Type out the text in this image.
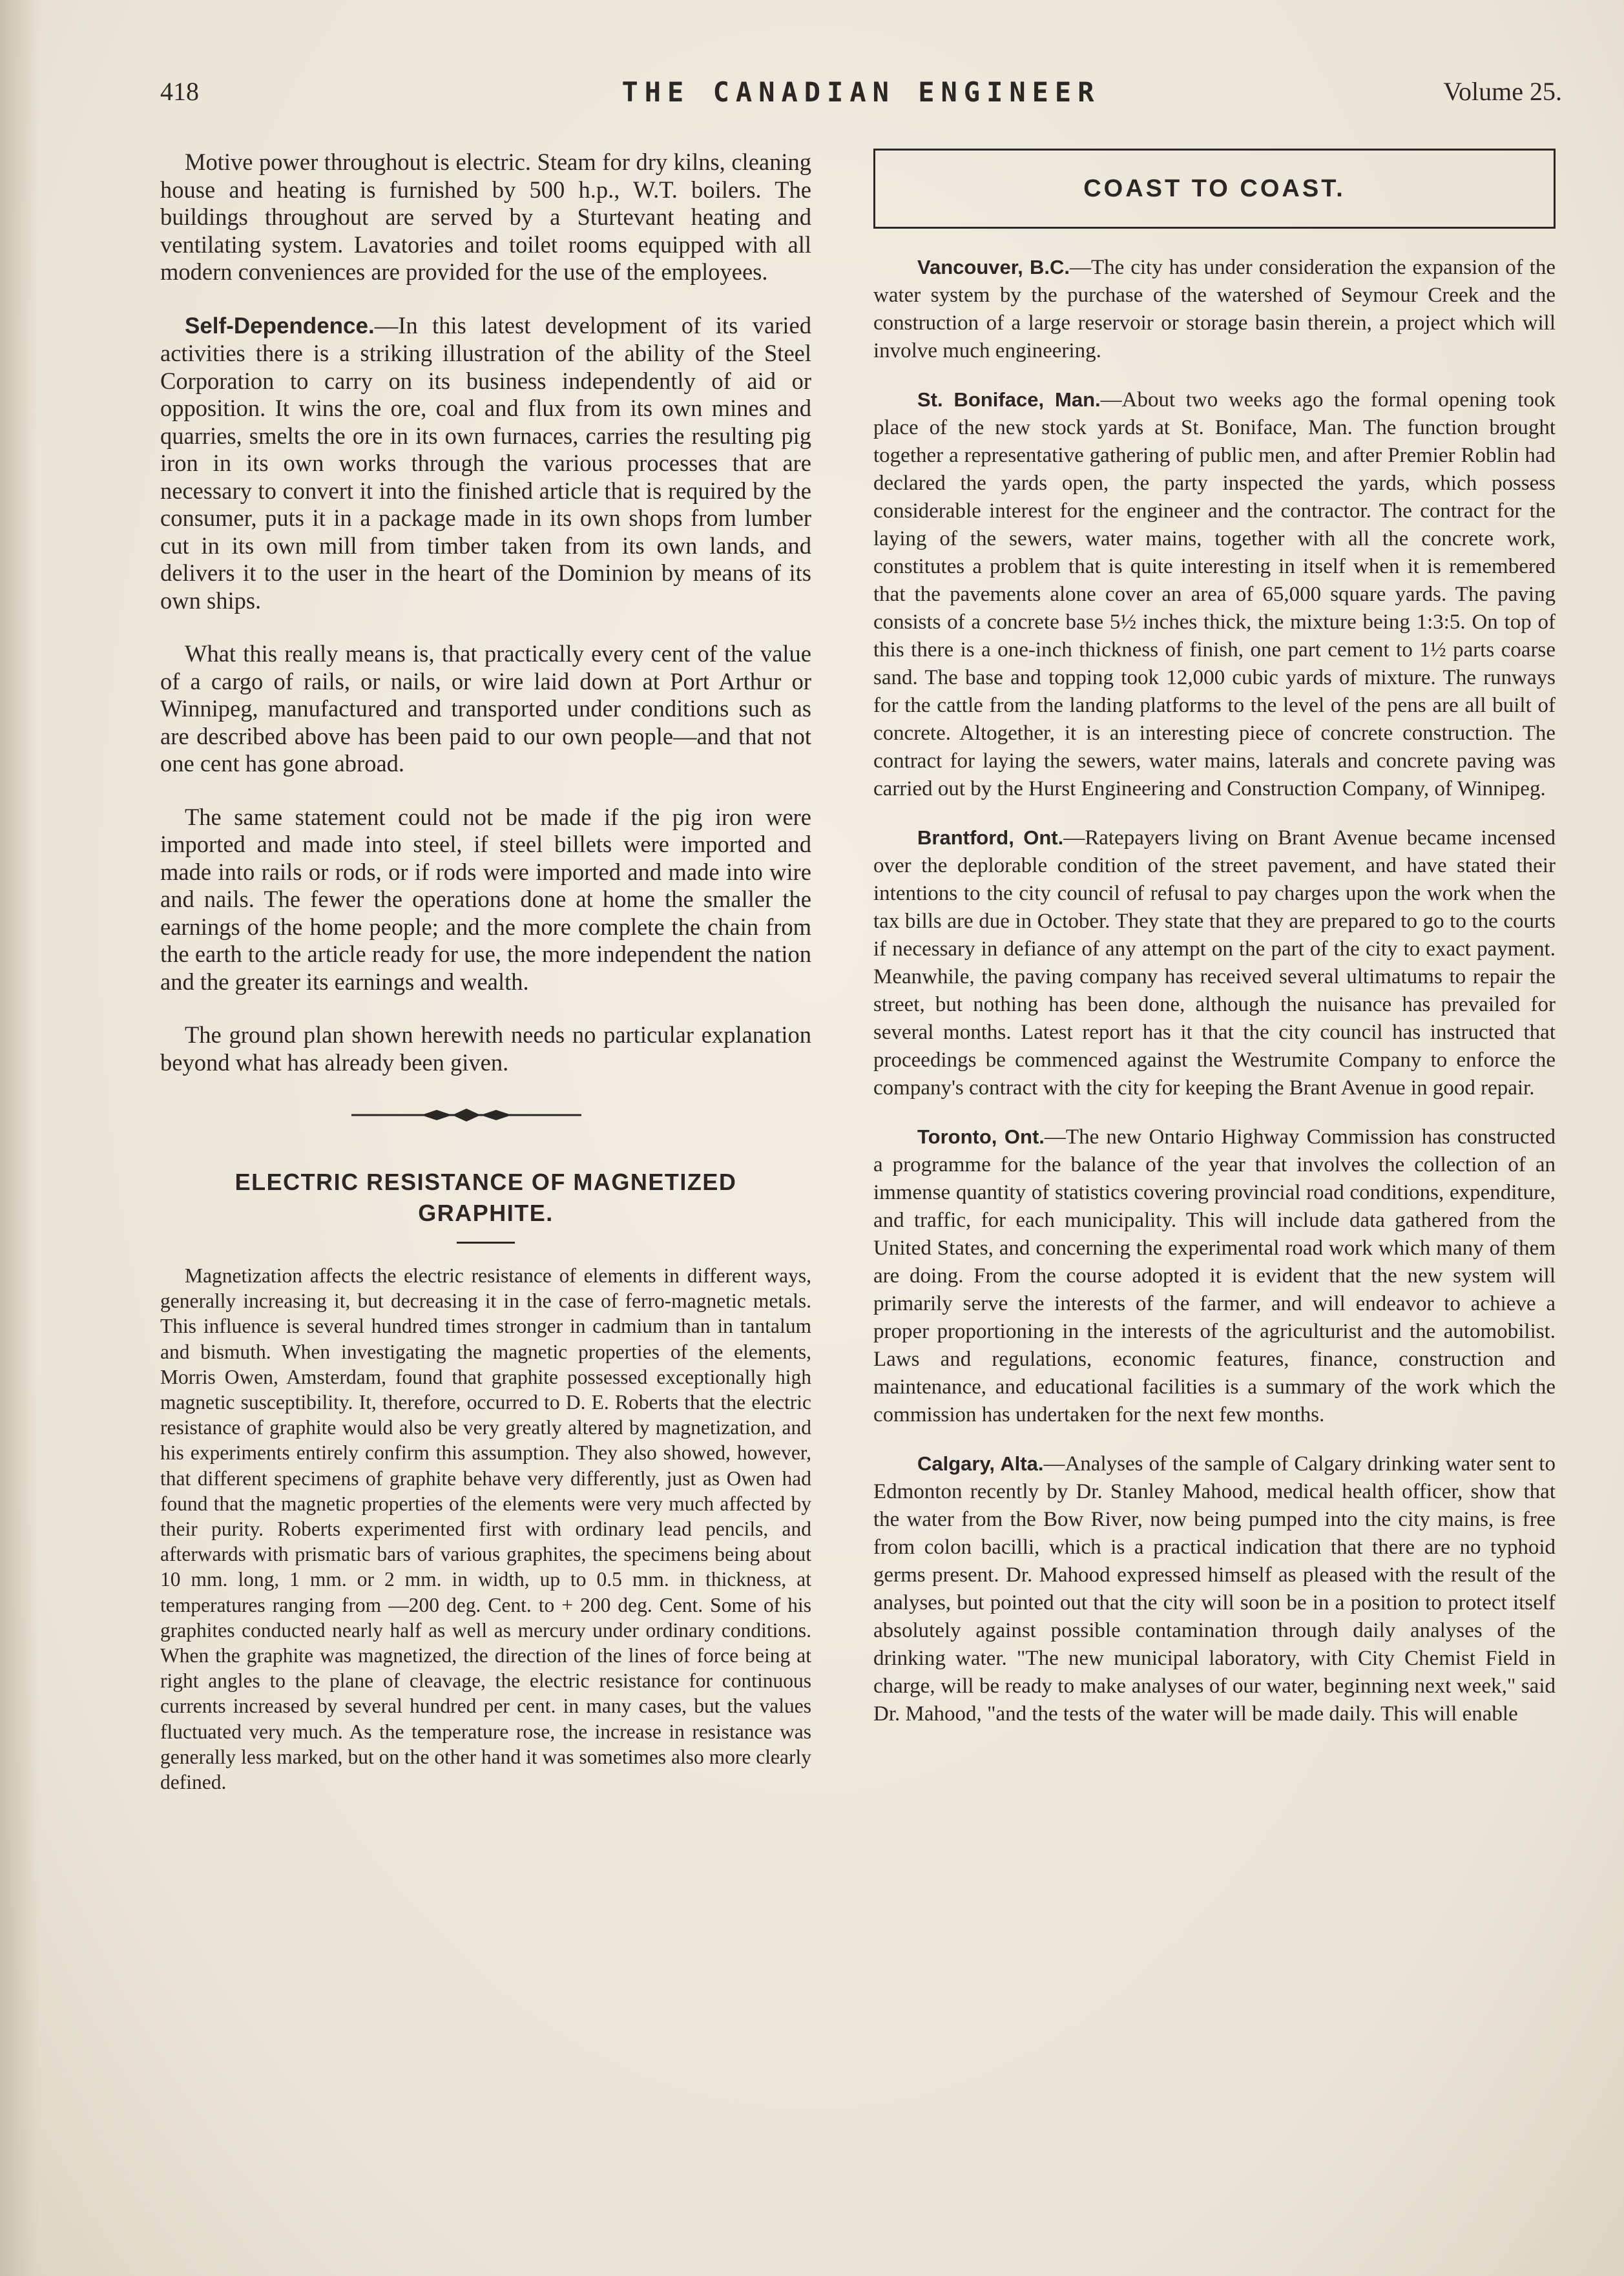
418	THE CANADIAN ENGINEER	Volume 25.

Motive power throughout is electric. Steam for dry kilns, cleaning house and heating is furnished by 500 h.p., W.T. boilers. The buildings throughout are served by a Sturtevant heating and ventilating system. Lavatories and toilet rooms equipped with all modern conveniences are provided for the use of the employees.

Self-Dependence.—In this latest development of its varied activities there is a striking illustration of the ability of the Steel Corporation to carry on its business independently of aid or opposition. It wins the ore, coal and flux from its own mines and quarries, smelts the ore in its own furnaces, carries the resulting pig iron in its own works through the various processes that are necessary to convert it into the finished article that is required by the consumer, puts it in a package made in its own shops from lumber cut in its own mill from timber taken from its own lands, and delivers it to the user in the heart of the Dominion by means of its own ships.

What this really means is, that practically every cent of the value of a cargo of rails, or nails, or wire laid down at Port Arthur or Winnipeg, manufactured and transported under conditions such as are described above has been paid to our own people—and that not one cent has gone abroad.

The same statement could not be made if the pig iron were imported and made into steel, if steel billets were imported and made into rails or rods, or if rods were imported and made into wire and nails. The fewer the operations done at home the smaller the earnings of the home people; and the more complete the chain from the earth to the article ready for use, the more independent the nation and the greater its earnings and wealth.

The ground plan shown herewith needs no particular explanation beyond what has already been given.

ELECTRIC RESISTANCE OF MAGNETIZED
GRAPHITE.

Magnetization affects the electric resistance of elements in different ways, generally increasing it, but decreasing it in the case of ferro-magnetic metals. This influence is several hundred times stronger in cadmium than in tantalum and bismuth. When investigating the magnetic properties of the elements, Morris Owen, Amsterdam, found that graphite possessed exceptionally high magnetic susceptibility. It, therefore, occurred to D. E. Roberts that the electric resistance of graphite would also be very greatly altered by magnetization, and his experiments entirely confirm this assumption. They also showed, however, that different specimens of graphite behave very differently, just as Owen had found that the magnetic properties of the elements were very much affected by their purity. Roberts experimented first with ordinary lead pencils, and afterwards with prismatic bars of various graphites, the specimens being about 10 mm. long, 1 mm. or 2 mm. in width, up to 0.5 mm. in thickness, at temperatures ranging from —200 deg. Cent. to + 200 deg. Cent. Some of his graphites conducted nearly half as well as mercury under ordinary conditions. When the graphite was magnetized, the direction of the lines of force being at right angles to the plane of cleavage, the electric resistance for continuous currents increased by several hundred per cent. in many cases, but the values fluctuated very much. As the temperature rose, the increase in resistance was generally less marked, but on the other hand it was sometimes also more clearly defined.

COAST TO COAST.

Vancouver, B.C.—The city has under consideration the expansion of the water system by the purchase of the watershed of Seymour Creek and the construction of a large reservoir or storage basin therein, a project which will involve much engineering.

St. Boniface, Man.—About two weeks ago the formal opening took place of the new stock yards at St. Boniface, Man. The function brought together a representative gathering of public men, and after Premier Roblin had declared the yards open, the party inspected the yards, which possess considerable interest for the engineer and the contractor. The contract for the laying of the sewers, water mains, together with all the concrete work, constitutes a problem that is quite interesting in itself when it is remembered that the pavements alone cover an area of 65,000 square yards. The paving consists of a concrete base 5½ inches thick, the mixture being 1:3:5. On top of this there is a one-inch thickness of finish, one part cement to 1½ parts coarse sand. The base and topping took 12,000 cubic yards of mixture. The runways for the cattle from the landing platforms to the level of the pens are all built of concrete. Altogether, it is an interesting piece of concrete construction. The contract for laying the sewers, water mains, laterals and concrete paving was carried out by the Hurst Engineering and Construction Company, of Winnipeg.

Brantford, Ont.—Ratepayers living on Brant Avenue became incensed over the deplorable condition of the street pavement, and have stated their intentions to the city council of refusal to pay charges upon the work when the tax bills are due in October. They state that they are prepared to go to the courts if necessary in defiance of any attempt on the part of the city to exact payment. Meanwhile, the paving company has received several ultimatums to repair the street, but nothing has been done, although the nuisance has prevailed for several months. Latest report has it that the city council has instructed that proceedings be commenced against the Westrumite Company to enforce the company's contract with the city for keeping the Brant Avenue in good repair.

Toronto, Ont.—The new Ontario Highway Commission has constructed a programme for the balance of the year that involves the collection of an immense quantity of statistics covering provincial road conditions, expenditure, and traffic, for each municipality. This will include data gathered from the United States, and concerning the experimental road work which many of them are doing. From the course adopted it is evident that the new system will primarily serve the interests of the farmer, and will endeavor to achieve a proper proportioning in the interests of the agriculturist and the automobilist. Laws and regulations, economic features, finance, construction and maintenance, and educational facilities is a summary of the work which the commission has undertaken for the next few months.

Calgary, Alta.—Analyses of the sample of Calgary drinking water sent to Edmonton recently by Dr. Stanley Mahood, medical health officer, show that the water from the Bow River, now being pumped into the city mains, is free from colon bacilli, which is a practical indication that there are no typhoid germs present. Dr. Mahood expressed himself as pleased with the result of the analyses, but pointed out that the city will soon be in a position to protect itself absolutely against possible contamination through daily analyses of the drinking water. "The new municipal laboratory, with City Chemist Field in charge, will be ready to make analyses of our water, beginning next week," said Dr. Mahood, "and the tests of the water will be made daily. This will enable
